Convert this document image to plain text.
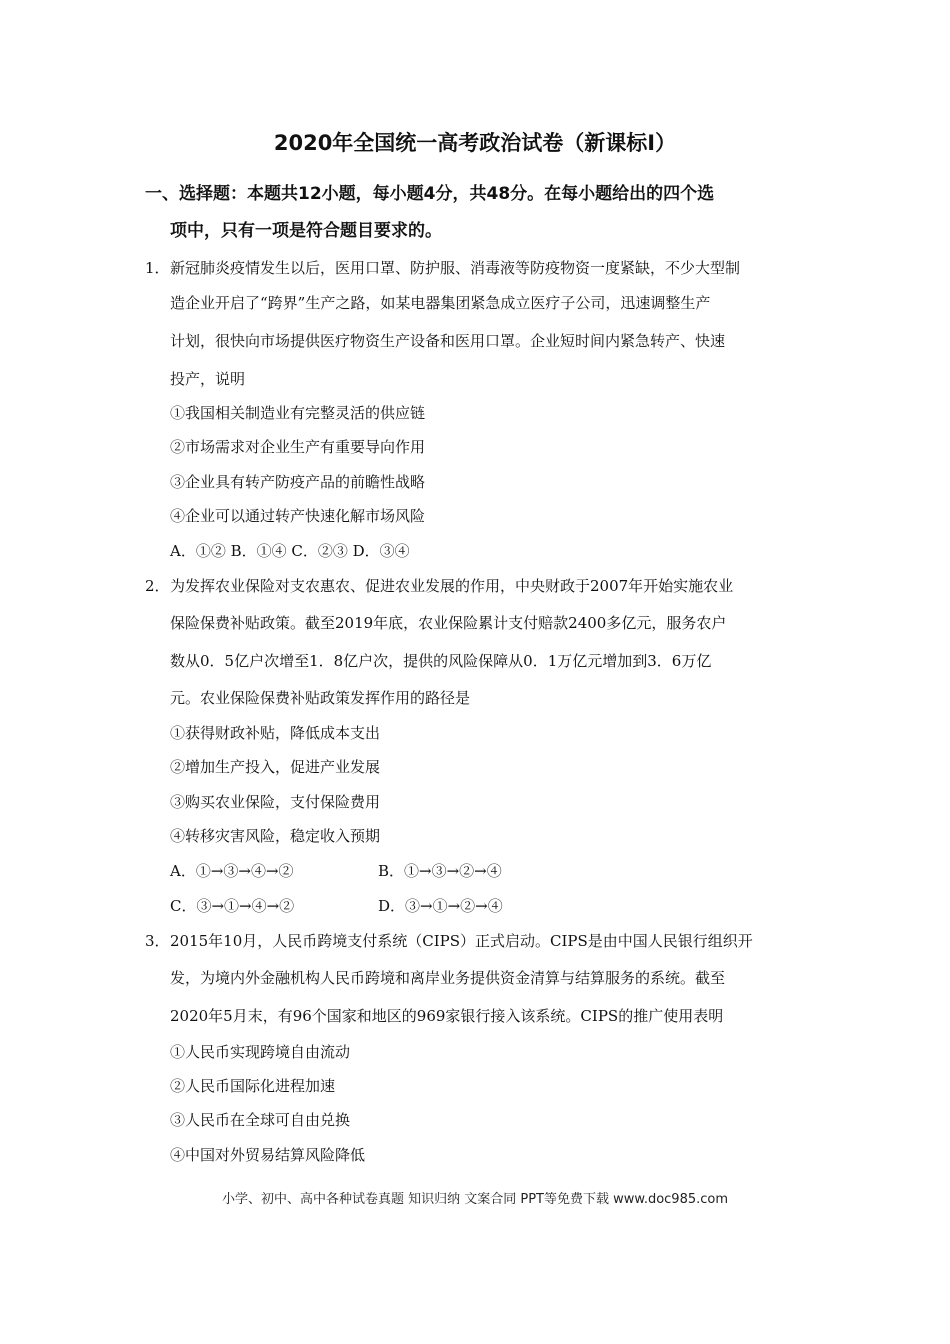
2020年全国统一高考政治试卷（新课标Ⅰ）
一、选择题：本题共12小题，每小题4分，共48分。在每小题给出的四个选
项中，只有一项是符合题目要求的。
1． 新冠肺炎疫情发生以后，医用口罩、防护服、消毒液等防疫物资一度紧缺，不少大型制
造企业开启了“跨界”生产之路，如某电器集团紧急成立医疗子公司，迅速调整生产
计划，很快向市场提供医疗物资生产设备和医用口罩。企业短时间内紧急转产、快速
投产，说明
①我国相关制造业有完整灵活的供应链
②市场需求对企业生产有重要导向作用
③企业具有转产防疫产品的前瞻性战略
④企业可以通过转产快速化解市场风险
A．①② B．①④ C．②③ D．③④
2． 为发挥农业保险对支农惠农、促进农业发展的作用，中央财政于2007年开始实施农业
保险保费补贴政策。截至2019年底，农业保险累计支付赔款2400多亿元，服务农户
数从0．5亿户次增至1．8亿户次，提供的风险保障从0．1万亿元增加到3．6万亿
元。农业保险保费补贴政策发挥作用的路径是
①获得财政补贴，降低成本支出
②增加生产投入，促进产业发展
③购买农业保险，支付保险费用
④转移灾害风险，稳定收入预期
A．①→③→④→②	B．①→③→②→④
C．③→①→④→②	D．③→①→②→④
3． 2015年10月，人民币跨境支付系统（CIPS）正式启动。CIPS是由中国人民银行组织开
发，为境内外金融机构人民币跨境和离岸业务提供资金清算与结算服务的系统。截至
2020年5月末，有96个国家和地区的969家银行接入该系统。CIPS的推广使用表明
①人民币实现跨境自由流动
②人民币国际化进程加速
③人民币在全球可自由兑换
④中国对外贸易结算风险降低
小学、初中、高中各种试卷真题 知识归纳 文案合同 PPT等免费下载 www.doc985.com
